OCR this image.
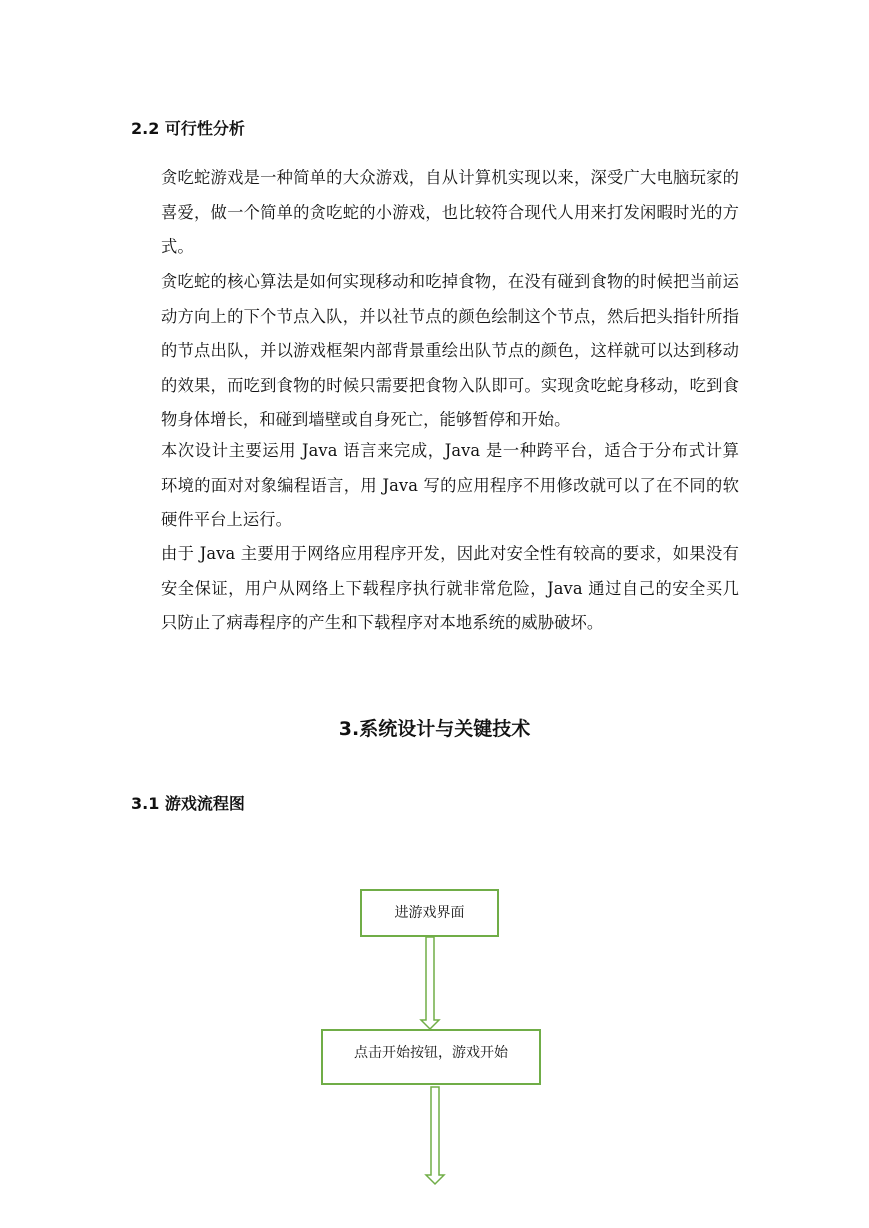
2.2 可行性分析

贪吃蛇游戏是一种简单的大众游戏，自从计算机实现以来，深受广大电脑玩家的喜爱，做一个简单的贪吃蛇的小游戏，也比较符合现代人用来打发闲暇时光的方式。

贪吃蛇的核心算法是如何实现移动和吃掉食物，在没有碰到食物的时候把当前运动方向上的下个节点入队，并以社节点的颜色绘制这个节点，然后把头指针所指的节点出队，并以游戏框架内部背景重绘出队节点的颜色，这样就可以达到移动的效果，而吃到食物的时候只需要把食物入队即可。实现贪吃蛇身移动，吃到食物身体增长，和碰到墙壁或自身死亡，能够暂停和开始。

本次设计主要运用 Java 语言来完成，Java 是一种跨平台，适合于分布式计算环境的面对对象编程语言，用 Java 写的应用程序不用修改就可以了在不同的软硬件平台上运行。

由于 Java 主要用于网络应用程序开发，因此对安全性有较高的要求，如果没有安全保证，用户从网络上下载程序执行就非常危险，Java 通过自己的安全买几只防止了病毒程序的产生和下载程序对本地系统的威胁破坏。

3.系统设计与关键技术
3.1 游戏流程图
进游戏界面
点击开始按钮，游戏开始
